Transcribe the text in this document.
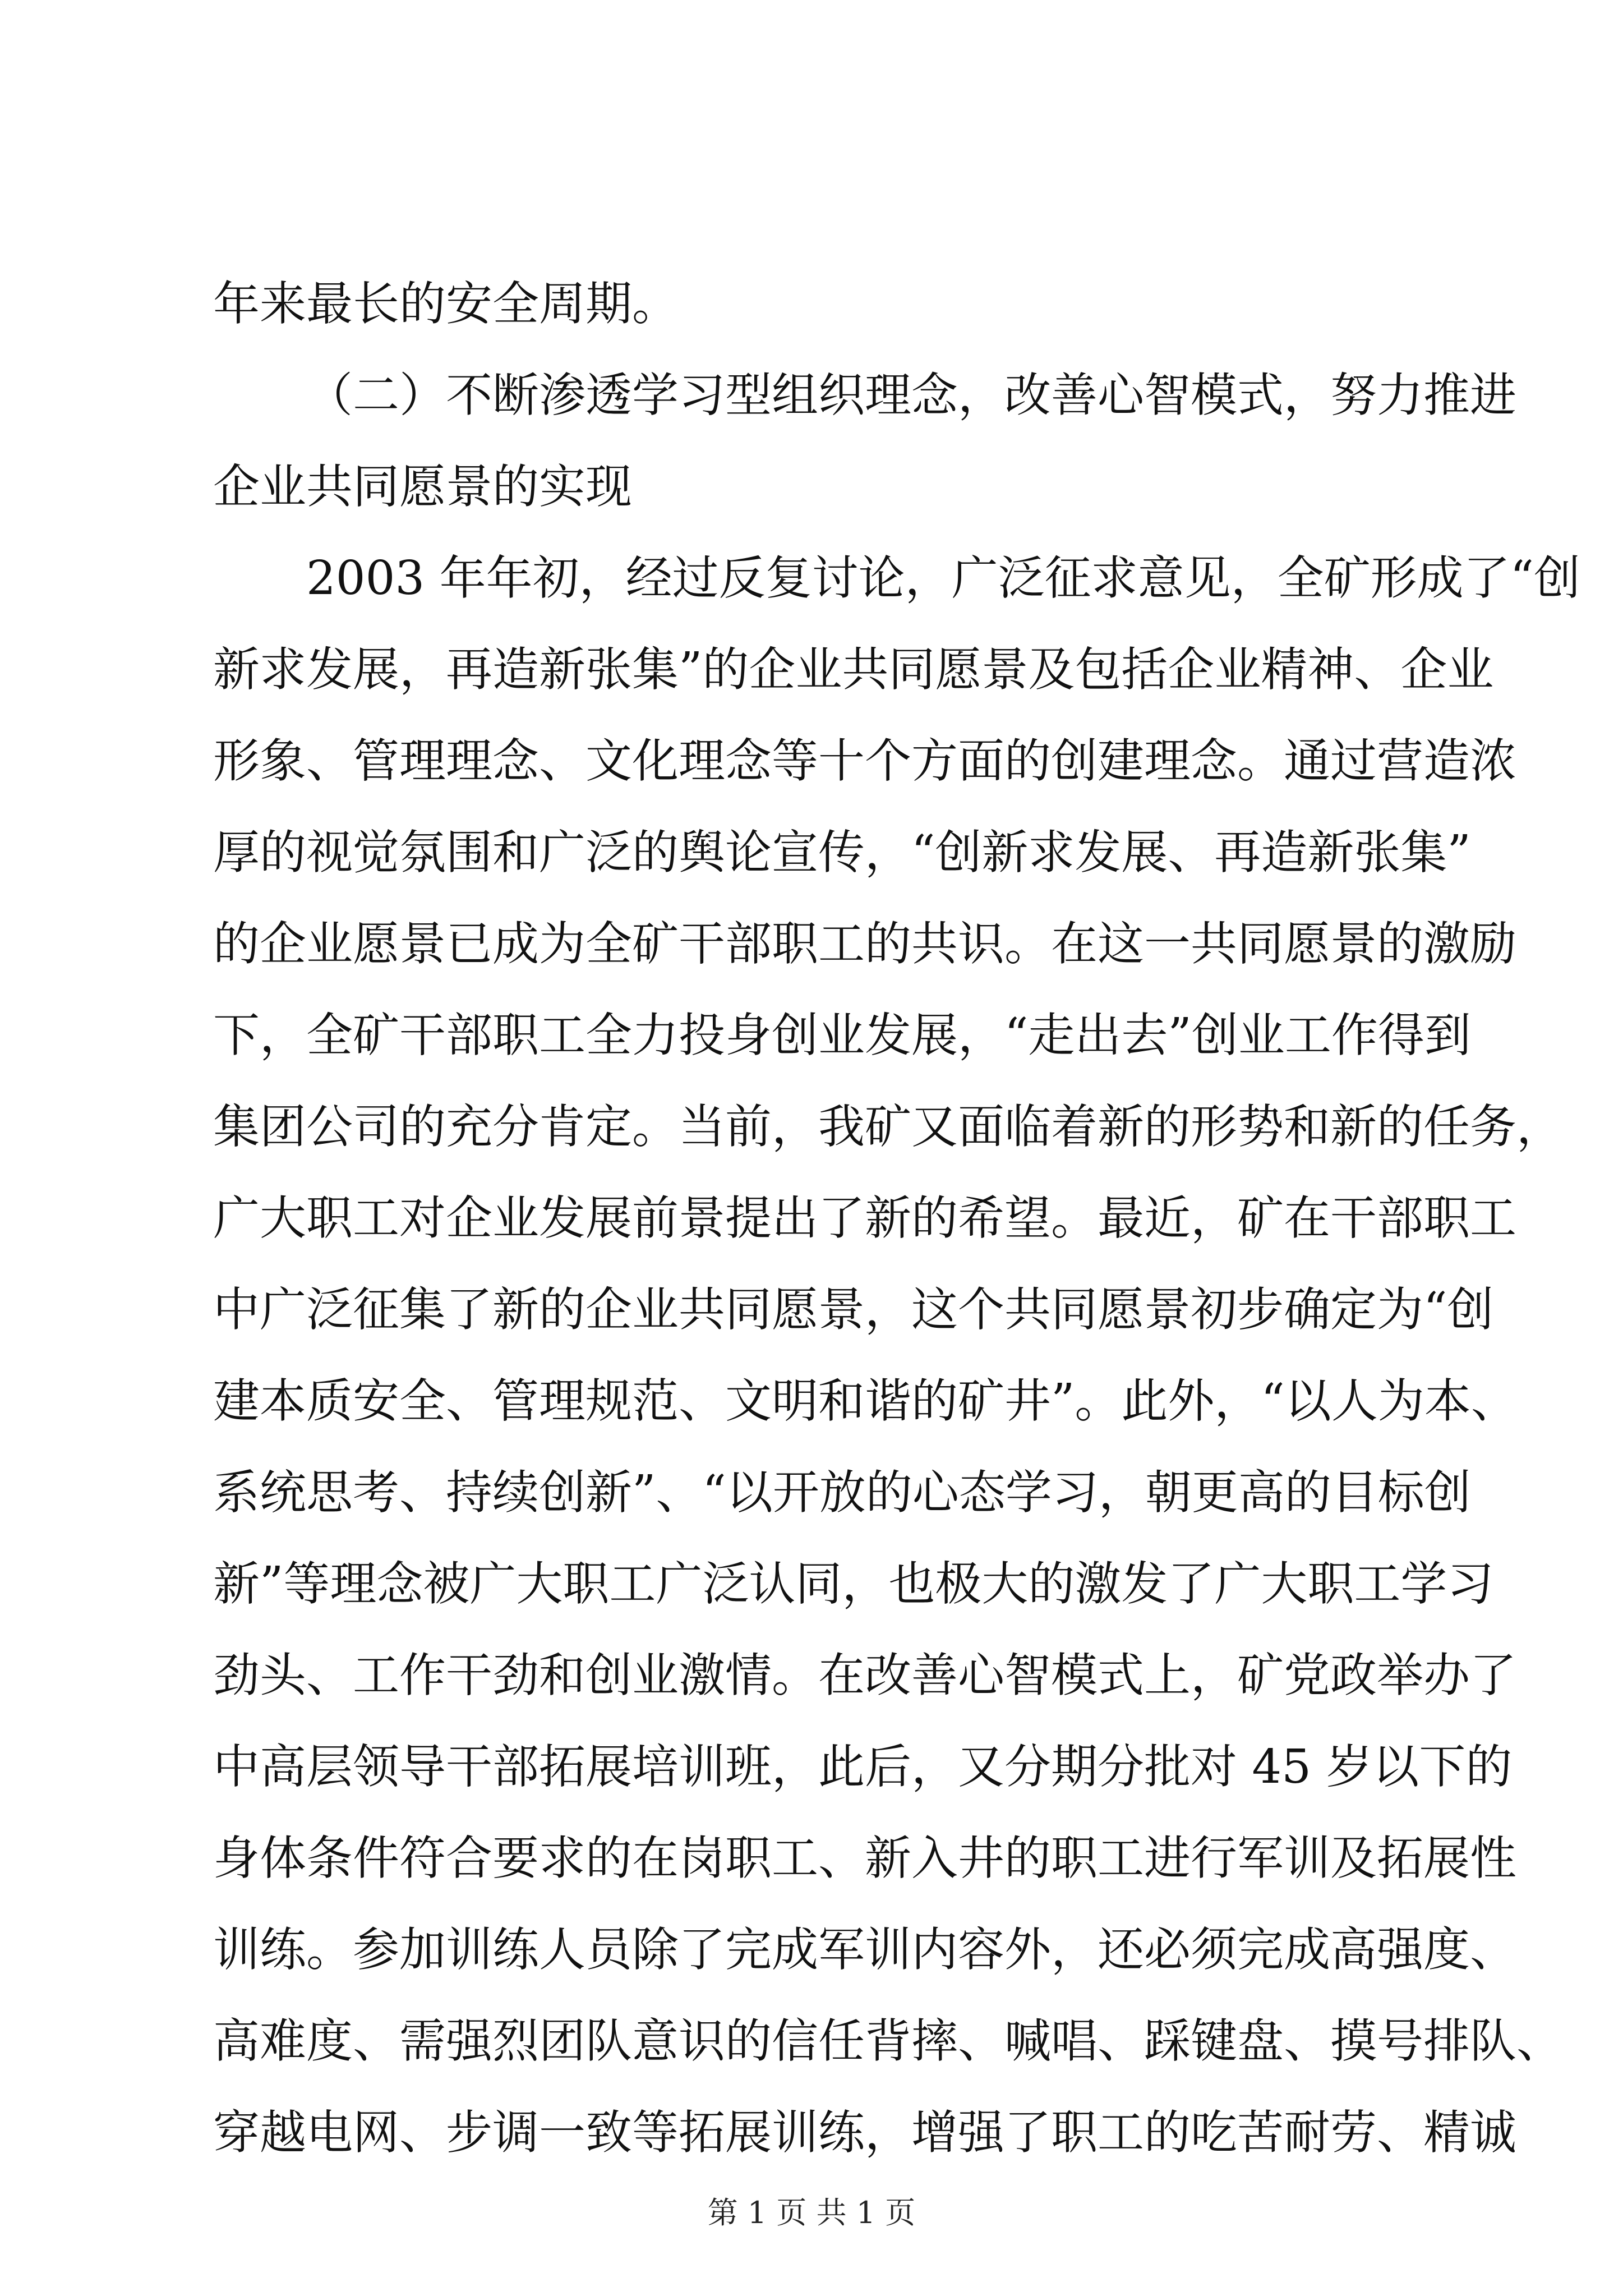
年来最长的安全周期。
（二）不断渗透学习型组织理念，改善心智模式，努力推进
企业共同愿景的实现
2003 年年初，经过反复讨论，广泛征求意见，全矿形成了“创
新求发展，再造新张集”的企业共同愿景及包括企业精神、企业
形象、管理理念、文化理念等十个方面的创建理念。通过营造浓
厚的视觉氛围和广泛的舆论宣传，“创新求发展、再造新张集”
的企业愿景已成为全矿干部职工的共识。在这一共同愿景的激励
下，全矿干部职工全力投身创业发展，“走出去”创业工作得到
集团公司的充分肯定。当前，我矿又面临着新的形势和新的任务，
广大职工对企业发展前景提出了新的希望。最近，矿在干部职工
中广泛征集了新的企业共同愿景，这个共同愿景初步确定为“创
建本质安全、管理规范、文明和谐的矿井”。此外，“以人为本、
系统思考、持续创新”、“以开放的心态学习，朝更高的目标创
新”等理念被广大职工广泛认同，也极大的激发了广大职工学习
劲头、工作干劲和创业激情。在改善心智模式上，矿党政举办了
中高层领导干部拓展培训班，此后，又分期分批对 45 岁以下的
身体条件符合要求的在岗职工、新入井的职工进行军训及拓展性
训练。参加训练人员除了完成军训内容外，还必须完成高强度、
高难度、需强烈团队意识的信任背摔、喊唱、踩键盘、摸号排队、
穿越电网、步调一致等拓展训练，增强了职工的吃苦耐劳、精诚
第 1 页 共 1 页
